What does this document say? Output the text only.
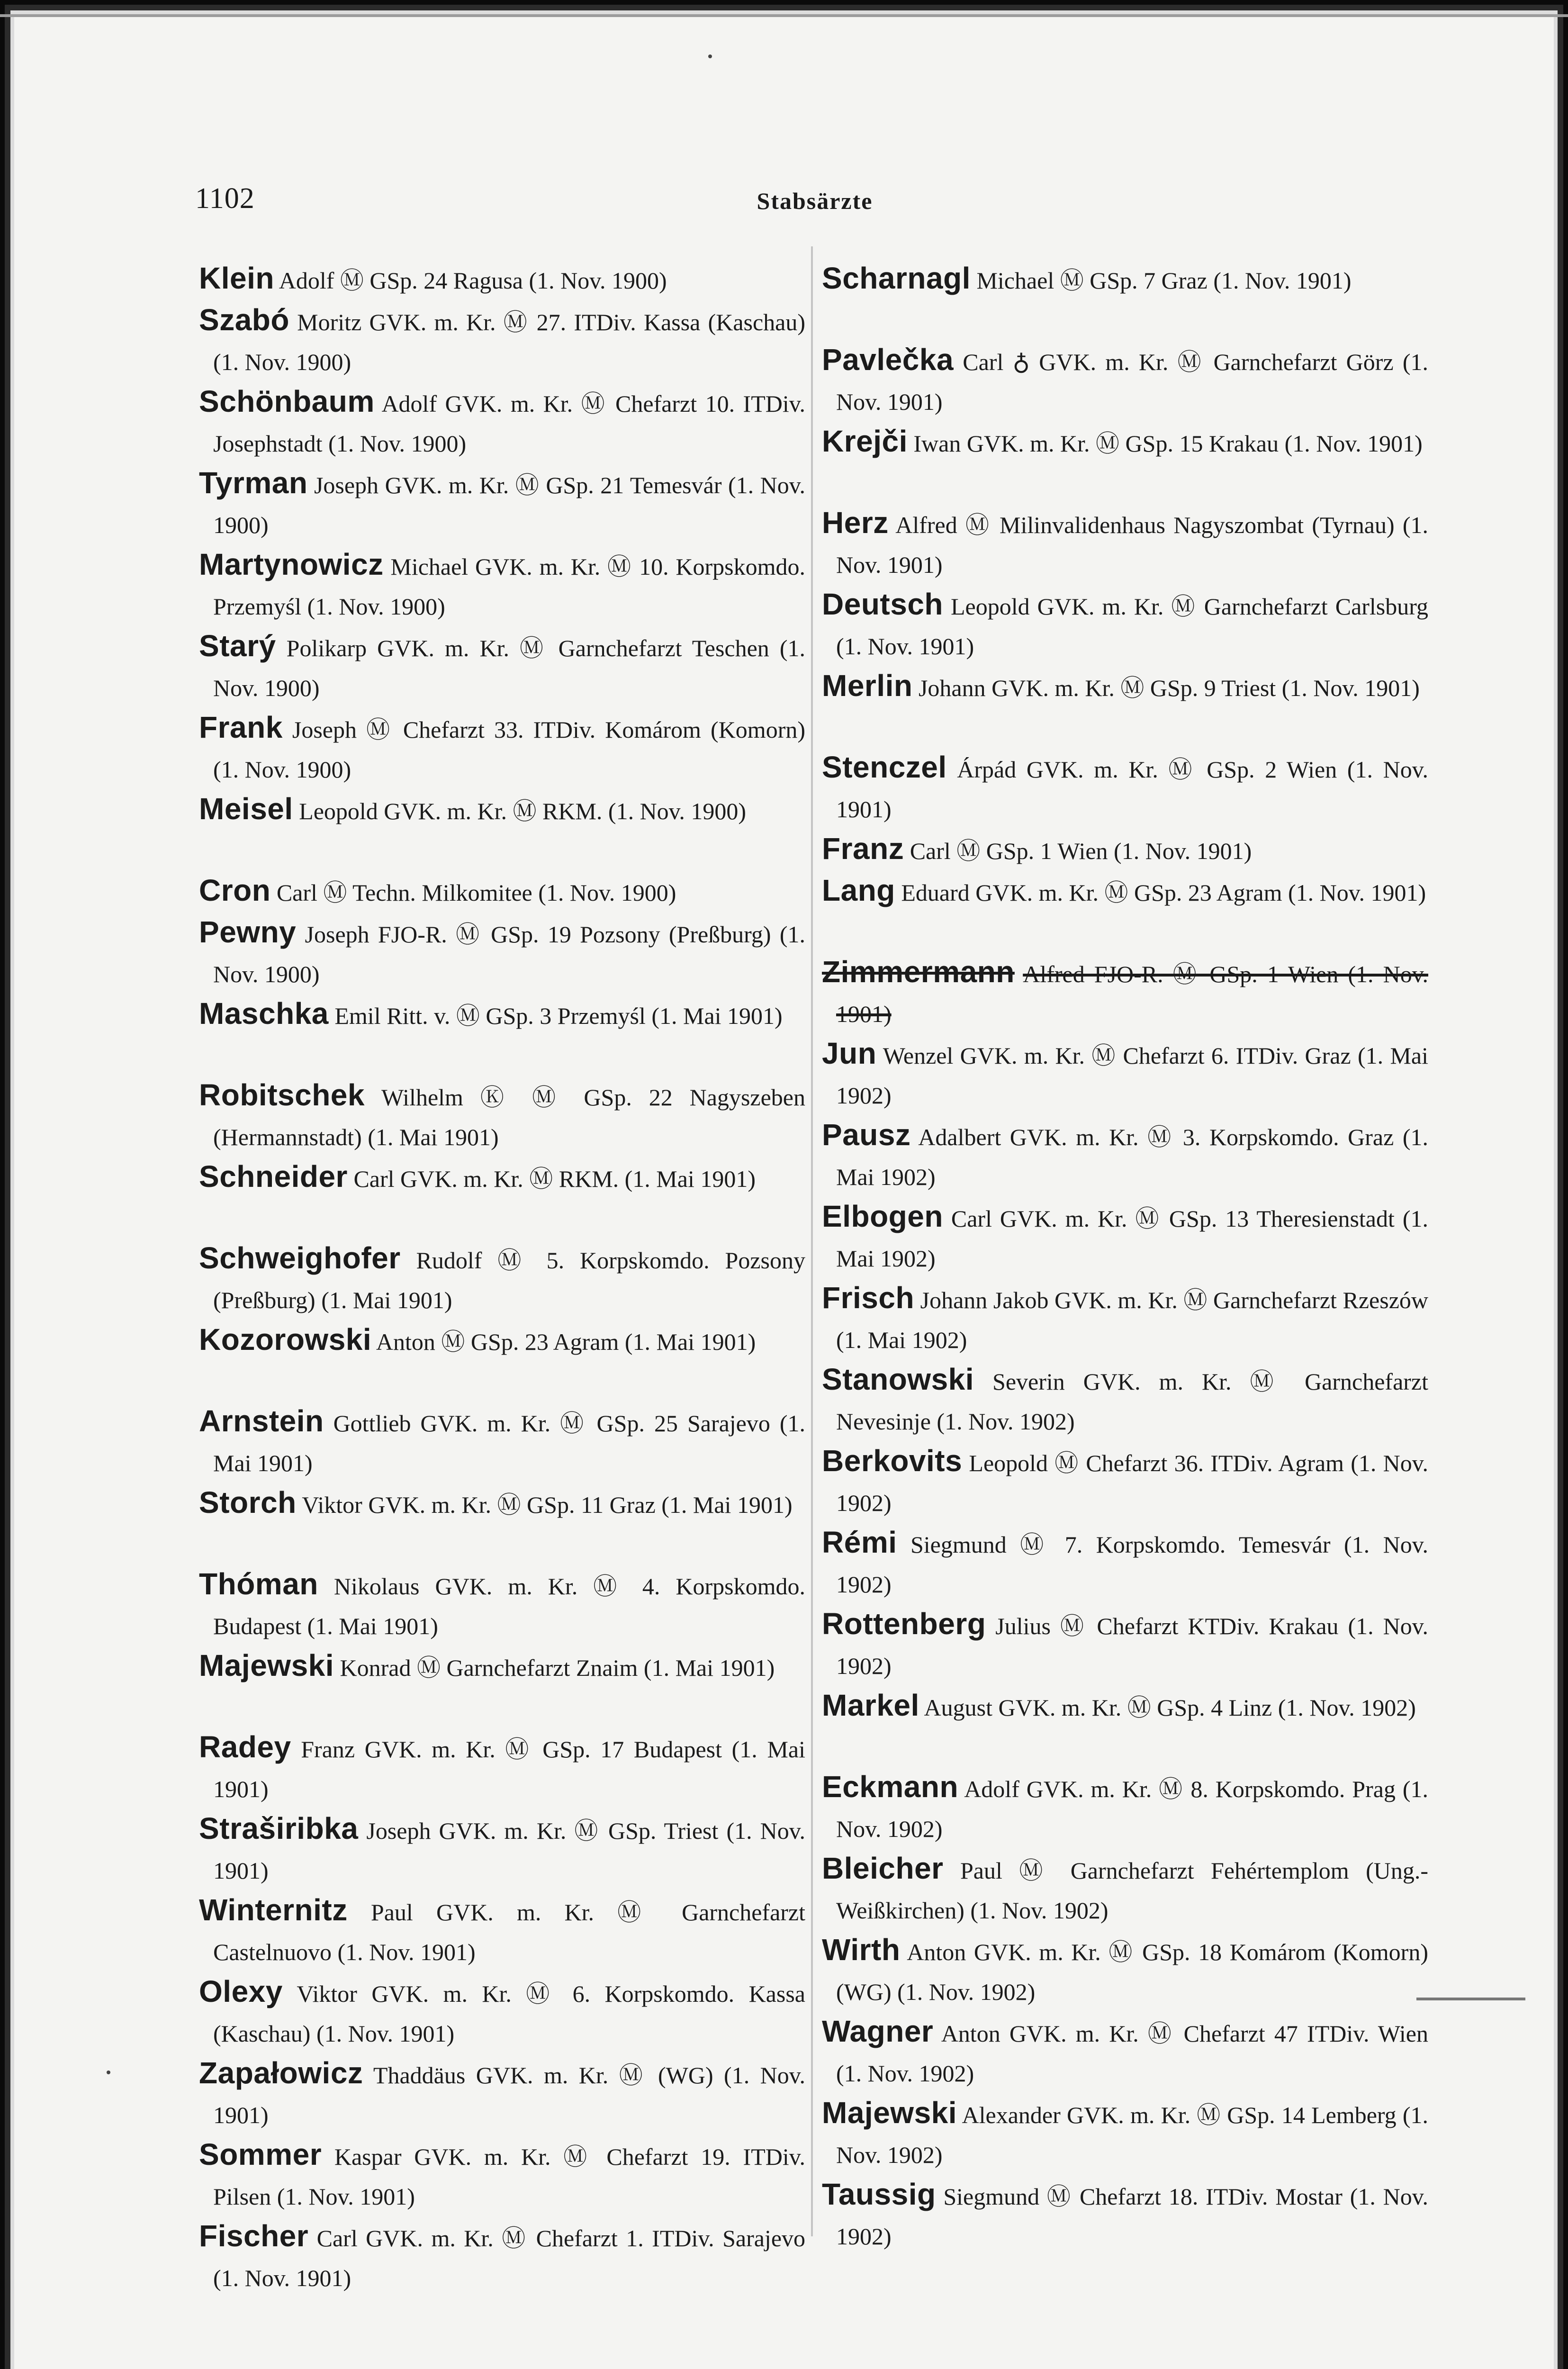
1102	Stabsärzte

Klein Adolf Ⓜ GSp. 24 Ragusa (1. Nov. 1900)

Szabó Moritz GVK. m. Kr. Ⓜ 27. ITDiv. Kassa (Kaschau) (1. Nov. 1900)

Schönbaum Adolf GVK. m. Kr. Ⓜ Chefarzt 10. ITDiv. Josephstadt (1. Nov. 1900)

Tyrman Joseph GVK. m. Kr. Ⓜ GSp. 21 Temesvár (1. Nov. 1900)

Martynowicz Michael GVK. m. Kr. Ⓜ 10. Korpskomdo. Przemyśl (1. Nov. 1900)

Starý Polikarp GVK. m. Kr. Ⓜ Garnchefarzt Teschen (1. Nov. 1900)

Frank Joseph Ⓜ Chefarzt 33. ITDiv. Komárom (Komorn) (1. Nov. 1900)

Meisel Leopold GVK. m. Kr. Ⓜ RKM. (1. Nov. 1900)

Cron Carl Ⓜ Techn. Milkomitee (1. Nov. 1900)

Pewny Joseph FJO-R. Ⓜ GSp. 19 Pozsony (Preßburg) (1. Nov. 1900)

Maschka Emil Ritt. v. Ⓜ GSp. 3 Przemyśl (1. Mai 1901)

Robitschek Wilhelm Ⓚ Ⓜ GSp. 22 Nagyszeben (Hermannstadt) (1. Mai 1901)

Schneider Carl GVK. m. Kr. Ⓜ RKM. (1. Mai 1901)

Schweighofer Rudolf Ⓜ 5. Korpskomdo. Pozsony (Preßburg) (1. Mai 1901)

Kozorowski Anton Ⓜ GSp. 23 Agram (1. Mai 1901)

Arnstein Gottlieb GVK. m. Kr. Ⓜ GSp. 25 Sarajevo (1. Mai 1901)

Storch Viktor GVK. m. Kr. Ⓜ GSp. 11 Graz (1. Mai 1901)

Thóman Nikolaus GVK. m. Kr. Ⓜ 4. Korpskomdo. Budapest (1. Mai 1901)

Majewski Konrad Ⓜ Garnchefarzt Znaim (1. Mai 1901)

Radey Franz GVK. m. Kr. Ⓜ GSp. 17 Budapest (1. Mai 1901)

Straširibka Joseph GVK. m. Kr. Ⓜ GSp. Triest (1. Nov. 1901)

Winternitz Paul GVK. m. Kr. Ⓜ Garnchefarzt Castelnuovo (1. Nov. 1901)

Olexy Viktor GVK. m. Kr. Ⓜ 6. Korpskomdo. Kassa (Kaschau) (1. Nov. 1901)

Zapałowicz Thaddäus GVK. m. Kr. Ⓜ (WG) (1. Nov. 1901)

Sommer Kaspar GVK. m. Kr. Ⓜ Chefarzt 19. ITDiv. Pilsen (1. Nov. 1901)

Fischer Carl GVK. m. Kr. Ⓜ Chefarzt 1. ITDiv. Sarajevo (1. Nov. 1901)

Scharnagl Michael Ⓜ GSp. 7 Graz (1. Nov. 1901)

Pavlečka Carl ♁ GVK. m. Kr. Ⓜ Garnchefarzt Görz (1. Nov. 1901)

Krejči Iwan GVK. m. Kr. Ⓜ GSp. 15 Krakau (1. Nov. 1901)

Herz Alfred Ⓜ Milinvalidenhaus Nagyszombat (Tyrnau) (1. Nov. 1901)

Deutsch Leopold GVK. m. Kr. Ⓜ Garnchefarzt Carlsburg (1. Nov. 1901)

Merlin Johann GVK. m. Kr. Ⓜ GSp. 9 Triest (1. Nov. 1901)

Stenczel Árpád GVK. m. Kr. Ⓜ GSp. 2 Wien (1. Nov. 1901)

Franz Carl Ⓜ GSp. 1 Wien (1. Nov. 1901)

Lang Eduard GVK. m. Kr. Ⓜ GSp. 23 Agram (1. Nov. 1901)

Zimmermann Alfred FJO-R. Ⓜ GSp. 1 Wien (1. Nov. 1901)

Jun Wenzel GVK. m. Kr. Ⓜ Chefarzt 6. ITDiv. Graz (1. Mai 1902)

Pausz Adalbert GVK. m. Kr. Ⓜ 3. Korpskomdo. Graz (1. Mai 1902)

Elbogen Carl GVK. m. Kr. Ⓜ GSp. 13 Theresienstadt (1. Mai 1902)

Frisch Johann Jakob GVK. m. Kr. Ⓜ Garnchefarzt Rzeszów (1. Mai 1902)

Stanowski Severin GVK. m. Kr. Ⓜ Garnchefarzt Nevesinje (1. Nov. 1902)

Berkovits Leopold Ⓜ Chefarzt 36. ITDiv. Agram (1. Nov. 1902)

Rémi Siegmund Ⓜ 7. Korpskomdo. Temesvár (1. Nov. 1902)

Rottenberg Julius Ⓜ Chefarzt KTDiv. Krakau (1. Nov. 1902)

Markel August GVK. m. Kr. Ⓜ GSp. 4 Linz (1. Nov. 1902)

Eckmann Adolf GVK. m. Kr. Ⓜ 8. Korpskomdo. Prag (1. Nov. 1902)

Bleicher Paul Ⓜ Garnchefarzt Fehértemplom (Ung.-Weißkirchen) (1. Nov. 1902)

Wirth Anton GVK. m. Kr. Ⓜ GSp. 18 Komárom (Komorn) (WG) (1. Nov. 1902)

Wagner Anton GVK. m. Kr. Ⓜ Chefarzt 47 ITDiv. Wien (1. Nov. 1902)

Majewski Alexander GVK. m. Kr. Ⓜ GSp. 14 Lemberg (1. Nov. 1902)

Taussig Siegmund Ⓜ Chefarzt 18. ITDiv. Mostar (1. Nov. 1902)
